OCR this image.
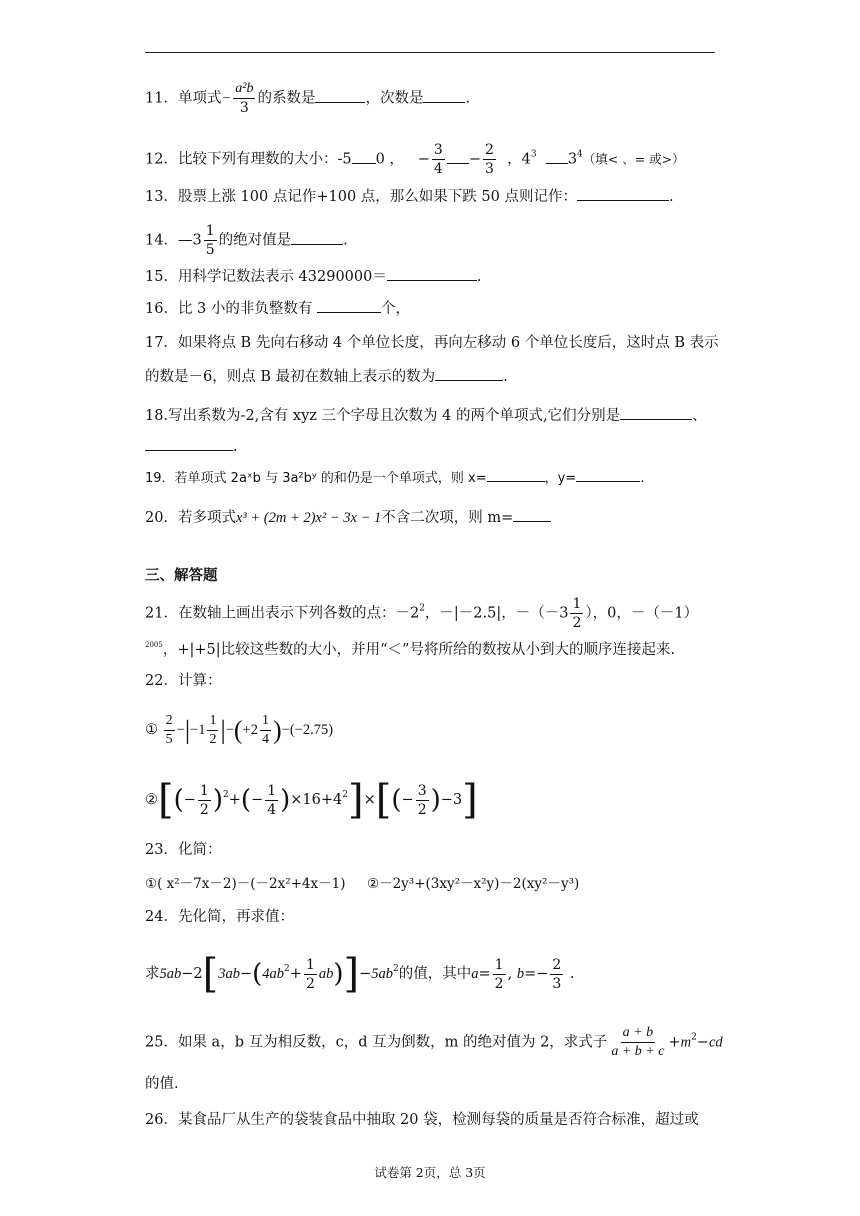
11．单项式− $\frac{\text{a²b}}{3}$ 的系数是	，次数是	.
12．比较下列有理数的大小：-5 0 ， − $\frac{3}{4} - \frac{2}{3}$ ，$4^3$ $3^4$（填< 、= 或>）
13．股票上涨 100 点记作+100 点，那么如果下跌 50 点则记作：	.
14．—3 $\frac{1}{5}$ 的绝对值是	.
15．用科学记数法表示 43290000＝	.
16．比 3 小的非负整数有	个，
17．如果将点 B 先向右移动 4 个单位长度，再向左移动 6 个单位长度后，这时点 B 表示
的数是－6，则点 B 最初在数轴上表示的数为	.
18.写出系数为-2,含有 xyz 三个字母且次数为 4 的两个单项式,它们分别是	、
.
19．若单项式 2aˣb 与 3a²bʸ 的和仍是一个单项式，则 x=	，y=	.
20．若多项式x³ + (2m + 2)x² − 3x − 1不含二次项，则 m=
三、解答题
21．在数轴上画出表示下列各数的点：$-2^2$，－|－2.5|，$-(-3 \frac{1}{2}$ ），0，－（－1）
$^{2005}$，+|+5|比较这些数的大小，并用“＜”号将所给的数按从小到大的顺序连接起来.
22．计算：
① $\frac{2}{5} -|-1 \frac{1}{2} |-(+2 \frac{1}{4} )-(-2.75)$
②[(− $\frac{1}{2} )^2+(- \frac{1}{4} )\times 16+4^2]\times[(- \frac{3}{2} )-3]$
23．化简：
①( x²－7x－2)－(－2x²+4x－1) ②－2y³+(3xy²－x²y)－2(xy²－y³)
24．先化简，再求值：
求$5ab-2[3ab-(4ab^2+ \frac{1}{2} ab)]-5ab^2$的值，其中$a= \frac{1}{2}$ , $b=- \frac{2}{3}$ .
25．如果 a，b 互为相反数，c，d 互为倒数，m 的绝对值为 2，求式子 $\frac{a + b}{a + b + c} +m^2-cd$
的值.
26．某食品厂从生产的袋装食品中抽取 20 袋，检测每袋的质量是否符合标准，超过或
试卷第 2页，总 3页
